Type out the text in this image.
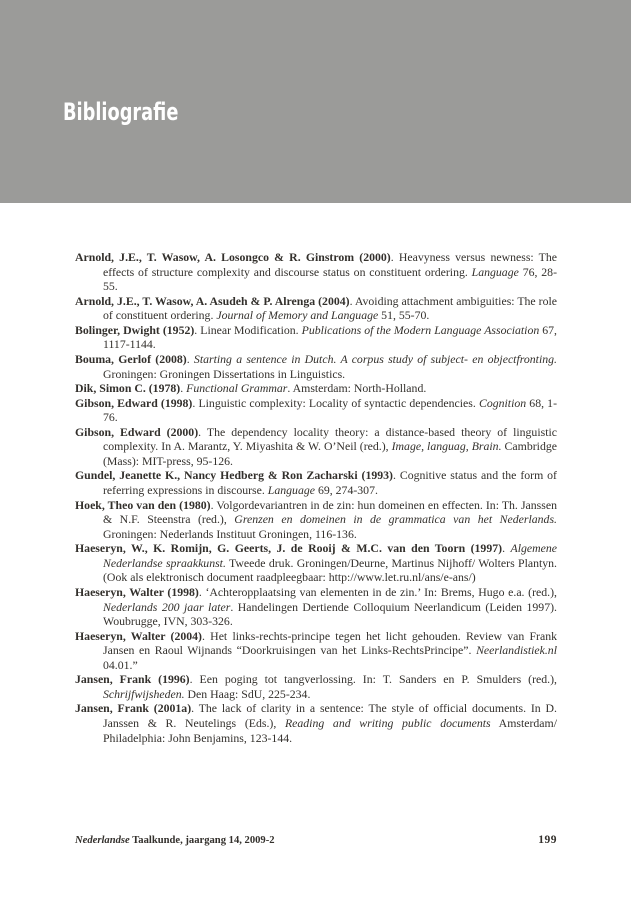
Bibliografie

Arnold, J.E., T. Wasow, A. Losongco & R. Ginstrom (2000). Heavyness versus newness: The effects of structure complexity and discourse status on constituent ordering. Language 76, 28-55.

Arnold, J.E., T. Wasow, A. Asudeh & P. Alrenga (2004). Avoiding attachment ambiguities: The role of constituent ordering. Journal of Memory and Language 51, 55-70.

Bolinger, Dwight (1952). Linear Modification. Publications of the Modern Language Association 67, 1117-1144.

Bouma, Gerlof (2008). Starting a sentence in Dutch. A corpus study of subject- en objectfronting. Groningen: Groningen Dissertations in Linguistics.

Dik, Simon C. (1978). Functional Grammar. Amsterdam: North-Holland.

Gibson, Edward (1998). Linguistic complexity: Locality of syntactic dependencies. Cognition 68, 1-76.

Gibson, Edward (2000). The dependency locality theory: a distance-based theory of linguistic complexity. In A. Marantz, Y. Miyashita & W. O’Neil (red.), Image, languag, Brain. Cambridge (Mass): MIT-press, 95-126.

Gundel, Jeanette K., Nancy Hedberg & Ron Zacharski (1993). Cognitive status and the form of referring expressions in discourse. Language 69, 274-307.

Hoek, Theo van den (1980). Volgordevariantren in de zin: hun domeinen en effecten. In: Th. Janssen & N.F. Steenstra (red.), Grenzen en domeinen in de grammatica van het Nederlands. Groningen: Nederlands Instituut Groningen, 116-136.

Haeseryn, W., K. Romijn, G. Geerts, J. de Rooij & M.C. van den Toorn (1997). Algemene Nederlandse spraakkunst. Tweede druk. Groningen/Deurne, Martinus Nijhoff/ Wolters Plantyn. (Ook als elektronisch document raadpleegbaar: http://www.let.ru.nl/ans/e-ans/)

Haeseryn, Walter (1998). ‘Achteropplaatsing van elementen in de zin.’ In: Brems, Hugo e.a. (red.), Nederlands 200 jaar later. Handelingen Dertiende Colloquium Neerlandicum (Leiden 1997). Woubrugge, IVN, 303-326.

Haeseryn, Walter (2004). Het links-rechts-principe tegen het licht gehouden. Review van Frank Jansen en Raoul Wijnands “Doorkruisingen van het Links-RechtsPrincipe”. Neerlandistiek.nl 04.01.”

Jansen, Frank (1996). Een poging tot tangverlossing. In: T. Sanders en P. Smulders (red.), Schrijfwijsheden. Den Haag: SdU, 225-234.

Jansen, Frank (2001a). The lack of clarity in a sentence: The style of official documents. In D. Janssen & R. Neutelings (Eds.), Reading and writing public documents Amsterdam/ Philadelphia: John Benjamins, 123-144.

Nederlandse Taalkunde, jaargang 14, 2009-2	199
